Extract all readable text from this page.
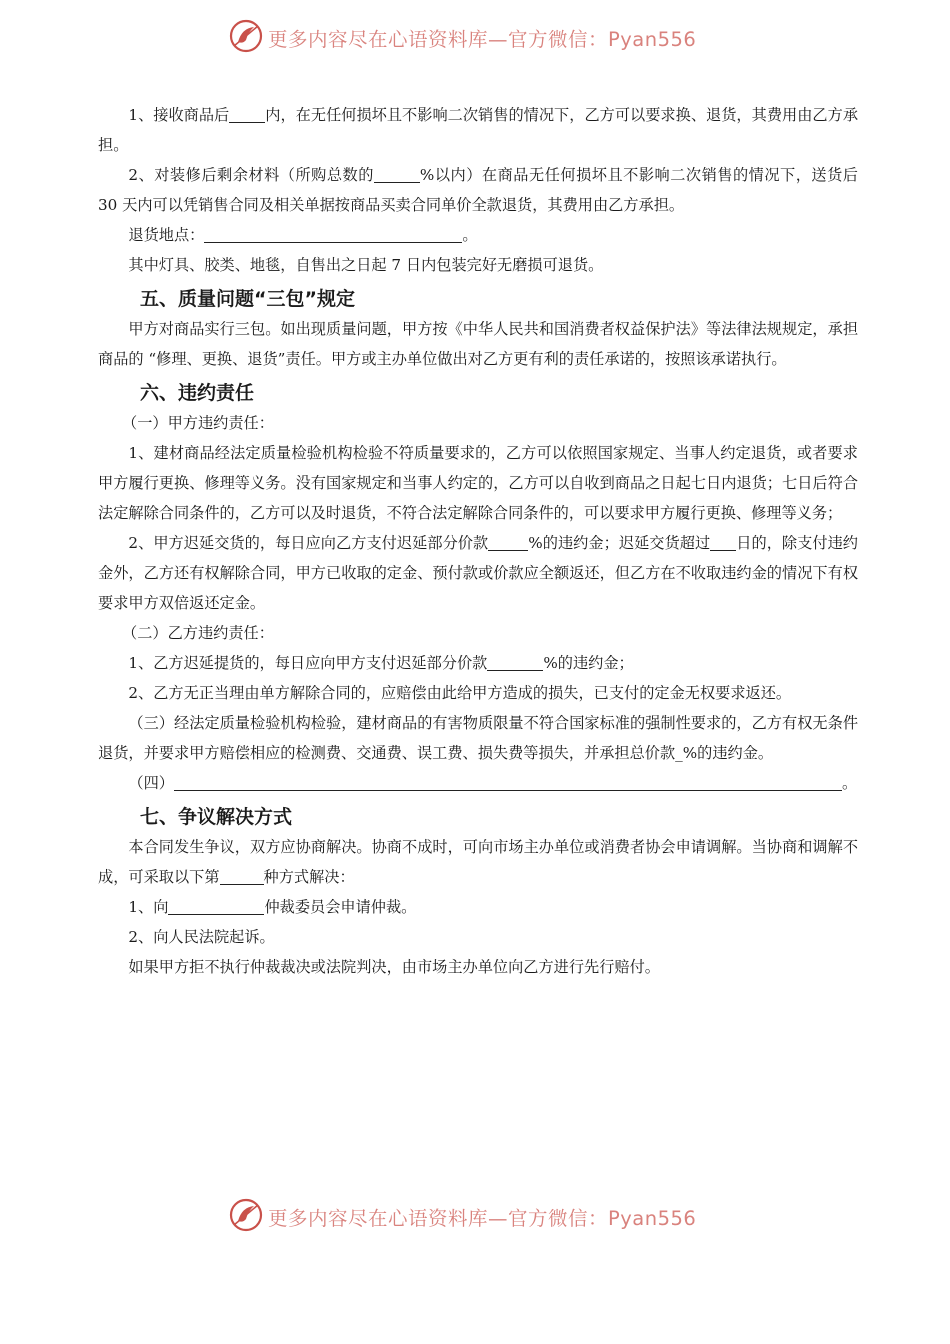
更多内容尽在心语资料库—官方微信：Pyan556

1、接收商品后 内，在无任何损坏且不影响二次销售的情况下，乙方可以要求换、退货，其费用由乙方承担。

2、对装修后剩余材料（所购总数的	%以内）在商品无任何损坏且不影响二次销售的情况下，送货后 30 天内可以凭销售合同及相关单据按商品买卖合同单价全款退货，其费用由乙方承担。

退货地点：	。

其中灯具、胶类、地毯，自售出之日起 7 日内包装完好无磨损可退货。

五、质量问题“三包”规定

甲方对商品实行三包。如出现质量问题，甲方按《中华人民共和国消费者权益保护法》等法律法规规定，承担商品的 “修理、更换、退货”责任。甲方或主办单位做出对乙方更有利的责任承诺的，按照该承诺执行。

六、违约责任

（一）甲方违约责任：

1、建材商品经法定质量检验机构检验不符质量要求的，乙方可以依照国家规定、当事人约定退货，或者要求甲方履行更换、修理等义务。没有国家规定和当事人约定的，乙方可以自收到商品之日起七日内退货；七日后符合法定解除合同条件的，乙方可以及时退货，不符合法定解除合同条件的，可以要求甲方履行更换、修理等义务；

2、甲方迟延交货的，每日应向乙方支付迟延部分价款	%的违约金；迟延交货超过 日的，除支付违约金外，乙方还有权解除合同，甲方已收取的定金、预付款或价款应全额返还，但乙方在不收取违约金的情况下有权要求甲方双倍返还定金。

（二）乙方违约责任：

1、乙方迟延提货的，每日应向甲方支付迟延部分价款	%的违约金；

2、乙方无正当理由单方解除合同的，应赔偿由此给甲方造成的损失，已支付的定金无权要求返还。

（三）经法定质量检验机构检验，建材商品的有害物质限量不符合国家标准的强制性要求的，乙方有权无条件退货，并要求甲方赔偿相应的检测费、交通费、误工费、损失费等损失，并承担总价款_%的违约金。

（四）	。

七、争议解决方式

本合同发生争议，双方应协商解决。协商不成时，可向市场主办单位或消费者协会申请调解。当协商和调解不成，可采取以下第	种方式解决：

1、向	仲裁委员会申请仲裁。

2、向人民法院起诉。

如果甲方拒不执行仲裁裁决或法院判决，由市场主办单位向乙方进行先行赔付。

更多内容尽在心语资料库—官方微信：Pyan556
